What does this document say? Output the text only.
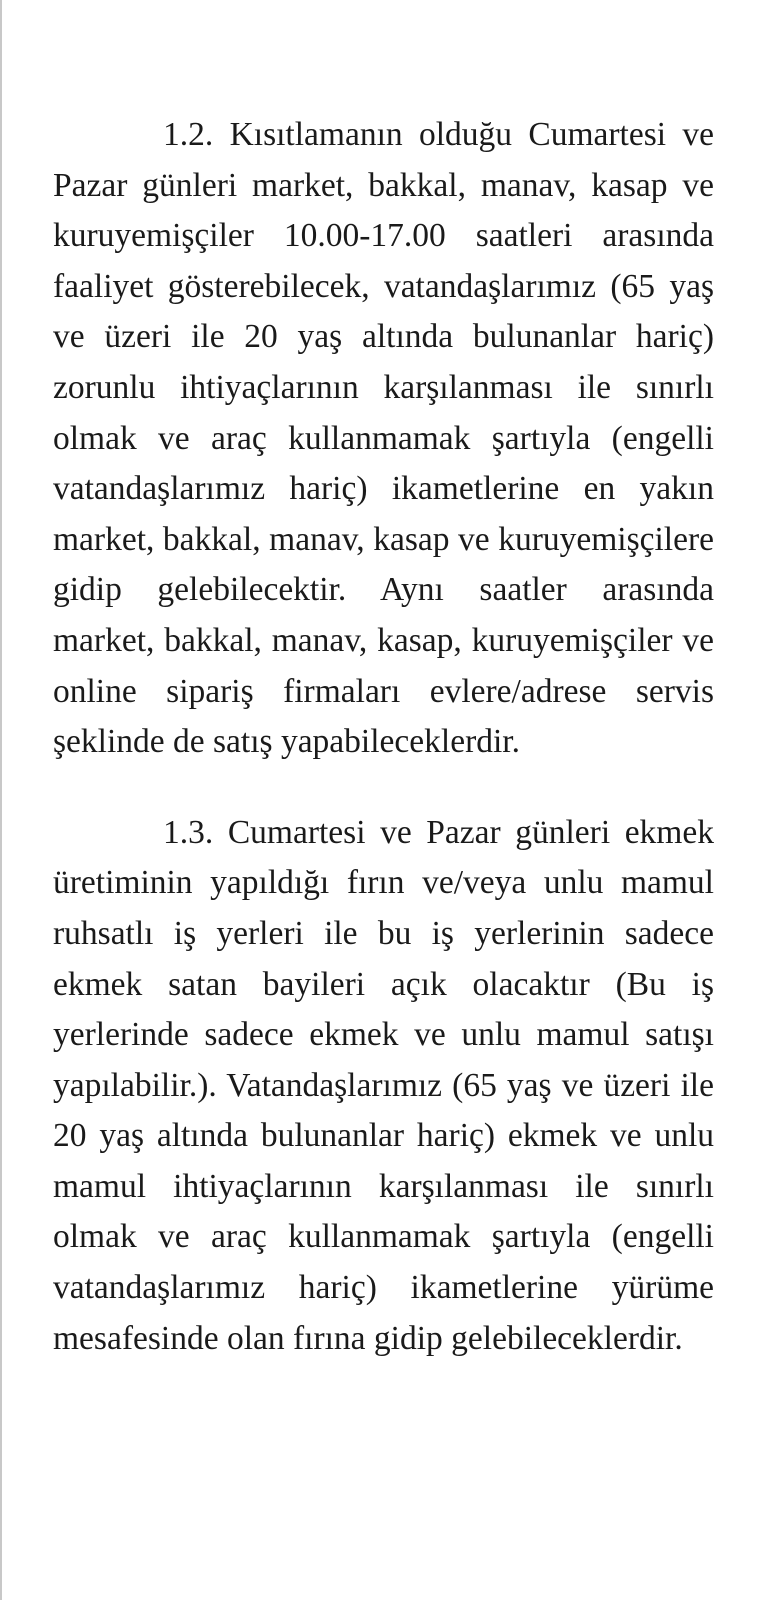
1.2. Kısıtlamanın olduğu Cumartesi ve Pazar günleri market, bakkal, manav, kasap ve kuruyemişçiler 10.00-17.00 saatleri arasında faaliyet gösterebilecek, vatandaşlarımız (65 yaş ve üzeri ile 20 yaş altında bulunanlar hariç) zorunlu ihtiyaçlarının karşılanması ile sınırlı olmak ve araç kullanmamak şartıyla (engelli vatandaşlarımız hariç) ikametlerine en yakın market, bakkal, manav, kasap ve kuruyemişçilere gidip gelebilecektir. Aynı saatler arasında market, bakkal, manav, kasap, kuruyemişçiler ve online sipariş firmaları evlere/adrese servis şeklinde de satış yapabileceklerdir.

1.3. Cumartesi ve Pazar günleri ekmek üretiminin yapıldığı fırın ve/veya unlu mamul ruhsatlı iş yerleri ile bu iş yerlerinin sadece ekmek satan bayileri açık olacaktır (Bu iş yerlerinde sadece ekmek ve unlu mamul satışı yapılabilir.). Vatandaşlarımız (65 yaş ve üzeri ile 20 yaş altında bulunanlar hariç) ekmek ve unlu mamul ihtiyaçlarının karşılanması ile sınırlı olmak ve araç kullanmamak şartıyla (engelli vatandaşlarımız hariç) ikametlerine yürüme mesafesinde olan fırına gidip gelebileceklerdir.
